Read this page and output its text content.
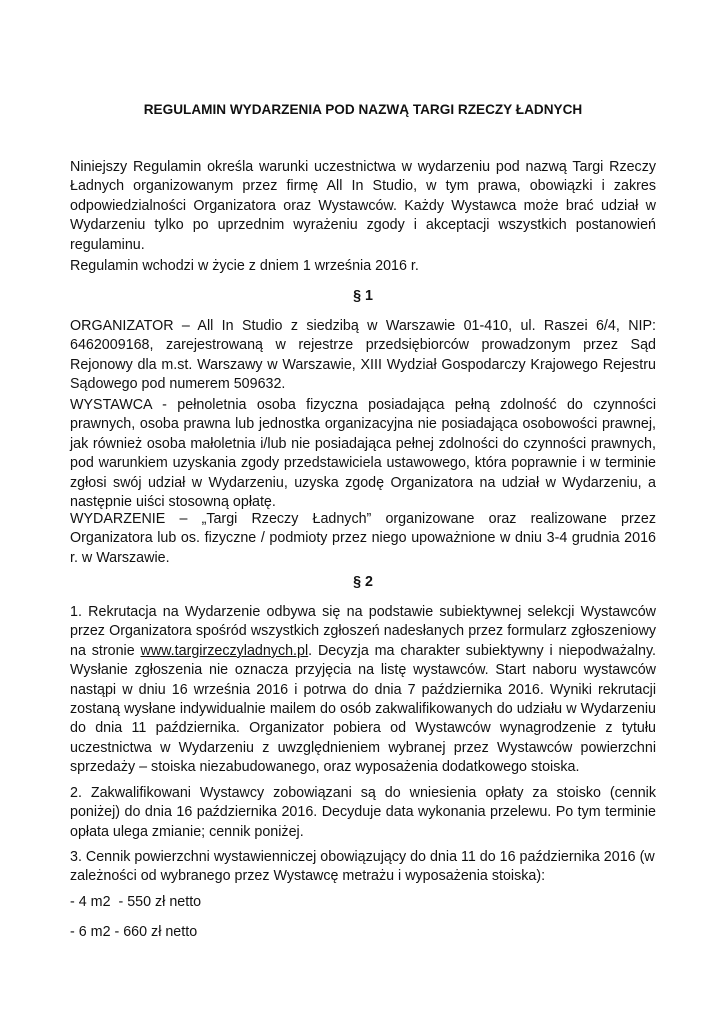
REGULAMIN WYDARZENIA POD NAZWĄ TARGI RZECZY ŁADNYCH

Niniejszy Regulamin określa warunki uczestnictwa w wydarzeniu pod nazwą Targi Rzeczy Ładnych organizowanym przez firmę All In Studio, w tym prawa, obowiązki i zakres odpowiedzialności Organizatora oraz Wystawców. Każdy Wystawca może brać udział w Wydarzeniu tylko po uprzednim wyrażeniu zgody i akceptacji wszystkich postanowień regulaminu.

Regulamin wchodzi w życie z dniem 1 września 2016 r.

§ 1

ORGANIZATOR – All In Studio z siedzibą w Warszawie 01-410, ul. Raszei 6/4, NIP: 6462009168, zarejestrowaną w rejestrze przedsiębiorców prowadzonym przez Sąd Rejonowy dla m.st. Warszawy w Warszawie, XIII Wydział Gospodarczy Krajowego Rejestru Sądowego pod numerem 509632.

WYSTAWCA - pełnoletnia osoba fizyczna posiadająca pełną zdolność do czynności prawnych, osoba prawna lub jednostka organizacyjna nie posiadająca osobowości prawnej, jak również osoba małoletnia i/lub nie posiadająca pełnej zdolności do czynności prawnych, pod warunkiem uzyskania zgody przedstawiciela ustawowego, która poprawnie i w terminie zgłosi swój udział w Wydarzeniu, uzyska zgodę Organizatora na udział w Wydarzeniu, a następnie uiści stosowną opłatę.

WYDARZENIE – „Targi Rzeczy Ładnych” organizowane oraz realizowane przez Organizatora lub os. fizyczne / podmioty przez niego upoważnione w dniu 3-4 grudnia 2016 r. w Warszawie.

§ 2

1. Rekrutacja na Wydarzenie odbywa się na podstawie subiektywnej selekcji Wystawców przez Organizatora spośród wszystkich zgłoszeń nadesłanych przez formularz zgłoszeniowy na stronie www.targirzeczyladnych.pl. Decyzja ma charakter subiektywny i niepodważalny. Wysłanie zgłoszenia nie oznacza przyjęcia na listę wystawców. Start naboru wystawców nastąpi w dniu 16 września 2016 i potrwa do dnia 7 października 2016. Wyniki rekrutacji zostaną wysłane indywidualnie mailem do osób zakwalifikowanych do udziału w Wydarzeniu do dnia 11 października. Organizator pobiera od Wystawców wynagrodzenie z tytułu uczestnictwa w Wydarzeniu z uwzględnieniem wybranej przez Wystawców powierzchni sprzedaży – stoiska niezabudowanego, oraz wyposażenia dodatkowego stoiska.

2. Zakwalifikowani Wystawcy zobowiązani są do wniesienia opłaty za stoisko (cennik poniżej) do dnia 16 października 2016. Decyduje data wykonania przelewu. Po tym terminie opłata ulega zmianie; cennik poniżej.

3. Cennik powierzchni wystawienniczej obowiązujący do dnia 11 do 16 października 2016 (w zależności od wybranego przez Wystawcę metrażu i wyposażenia stoiska):

- 4 m2  - 550 zł netto

- 6 m2 - 660 zł netto
